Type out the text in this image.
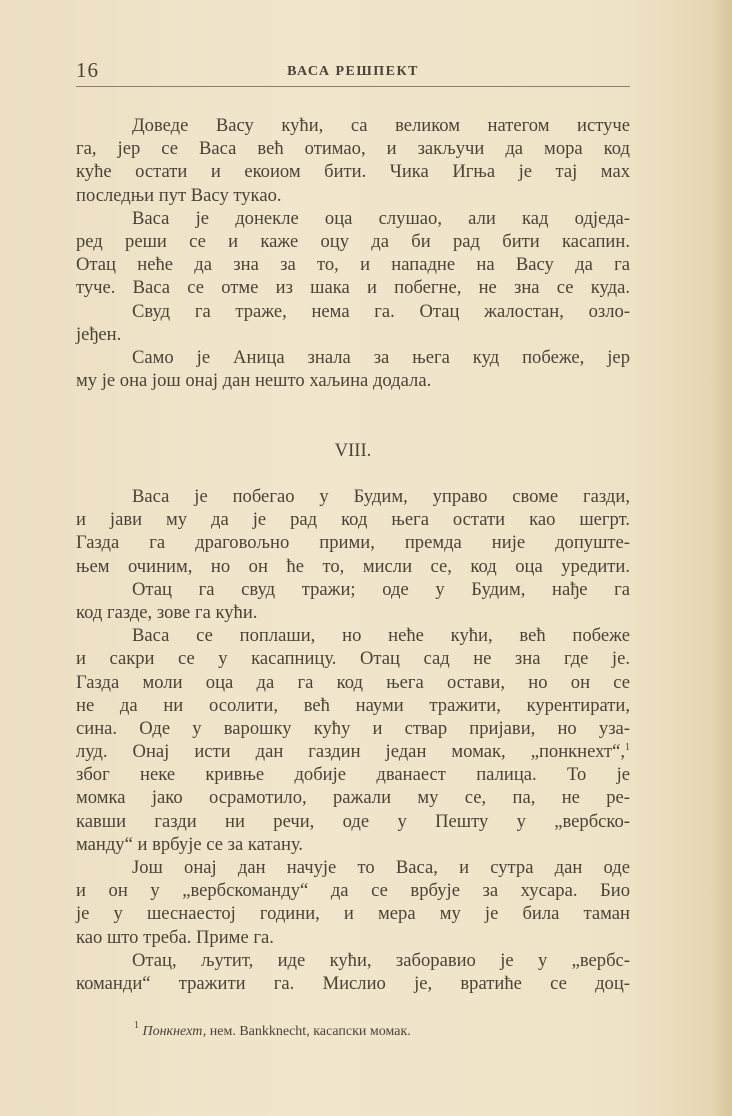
16	ВАСА РЕШПЕКТ
Доведе Васу кући, са великом натегом истуче
га, јер се Васа већ отимао, и закључи да мора код
куће остати и екоиом бити. Чика Игња је тај мах
последњи пут Васу тукао.
Васа је донекле оца слушао, али кад одједа-
ред реши се и каже оцу да би рад бити касапин.
Отац неће да зна за то, и нападне на Васу да га
туче. Васа се отме из шака и побегне, не зна се куда.
Свуд га траже, нема га. Отац жалостан, озло-
јеђен.
Само је Аница знала за њега куд побеже, јер
му је она још онај дан нешто хаљина додала.
VIII.
Васа је побегао у Будим, управо своме газди,
и јави му да је рад код њега остати као шегрт.
Газда га драговољно прими, премда није допуште-
њем очиним, но он ће то, мисли се, код оца уредити.
Отац га свуд тражи; оде у Будим, нађе га
код газде, зове га кући.
Васа се поплаши, но неће кући, већ побеже
и сакри се у касапницу. Отац сад не зна где је.
Газда моли оца да га код њега остави, но он се
не да ни осолити, већ науми тражити, курентирати,
сина. Оде у варошку кућу и ствар пријави, но уза-
луд. Онај исти дан газдин један момак, „понкнехт“,$^1$
због неке кривње добије дванаест палица. То је
момка јако осрамотило, ражали му се, па, не ре-
кавши газди ни речи, оде у Пешту у „вербско-
манду“ и врбује се за катану.
Још онај дан начује то Васа, и сутра дан оде
и он у „вербскоманду“ да се врбује за хусара. Био
је у шеснаестој години, и мера му је била таман
као што треба. Приме га.
Отац, љутит, иде кући, заборавио је у „вербс-
команди“ тражити га. Мислио је, вратиће се доц-
$^1$ Понкнехт, нем. Bankknecht, касапски момак.
